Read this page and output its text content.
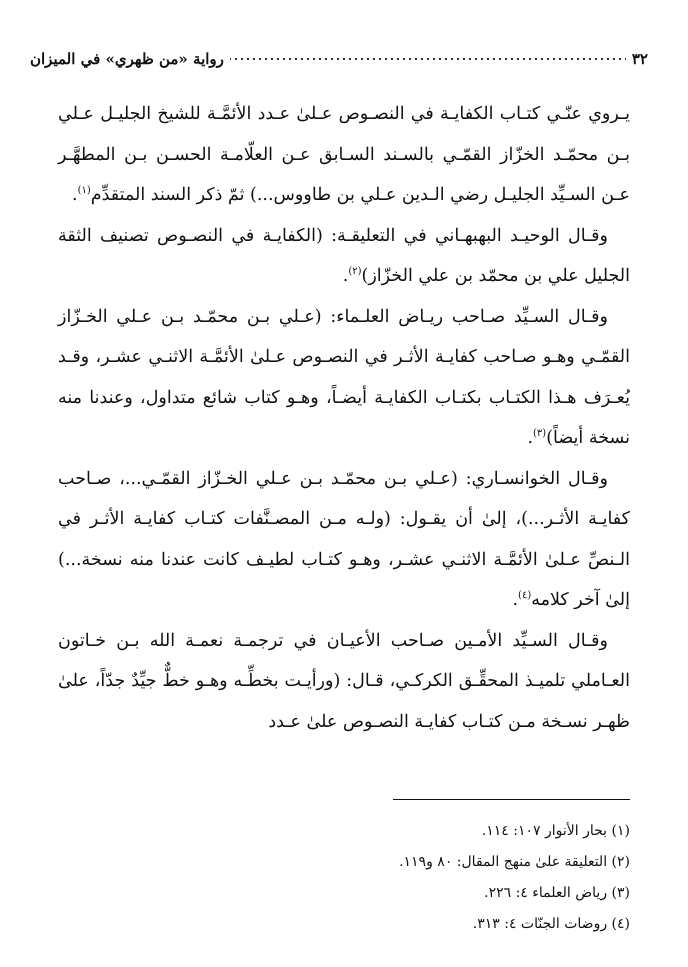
٣٢
رواية «من ظهري» في الميزان

يـروي عنّـي كتـاب الكفايـة في النصـوص عـلىٰ عـدد الأئمَّـة للشيخ الجليـل عـلي بـن محمّـد الخزّاز القمّـي بالسـند السـابق عـن العلّامـة الحسـن بـن المطهَّـر عـن السـيِّد الجليـل رضي الـدين عـلي بن طاووس...) ثمّ ذكر السند المتقدِّم$^{(١)}$.

وقـال الوحيـد البهبهـاني في التعليقـة: (الكفايـة في النصـوص تصنيف الثقة الجليل علي بن محمّد بن علي الخزّاز)$^{(٢)}$.

وقـال السـيِّد صـاحب ريـاض العلـماء: (عـلي بـن محمّـد بـن عـلي الخـزّاز القمّـي وهـو صـاحب كفايـة الأثـر في النصـوص عـلىٰ الأئمَّـة الاثنـي عشـر، وقـد يُعـرَف هـذا الكتـاب بكتـاب الكفايـة أيضـاً، وهـو كتاب شائع متداول، وعندنا منه نسخة أيضاً)$^{(٣)}$.

وقـال الخوانسـاري: (عـلي بـن محمّـد بـن عـلي الخـزّاز القمّـي...، صـاحب كفايـة الأثـر...)، إلىٰ أن يقـول: (ولـه مـن المصـنَّفات كتـاب كفايـة الأثـر في الـنصِّ عـلىٰ الأئمَّـة الاثنـي عشـر، وهـو كتـاب لطيـف كانت عندنا منه نسخة...) إلىٰ آخر كلامه$^{(٤)}$.

وقـال السـيِّد الأمـين صـاحب الأعيـان في ترجمـة نعمـة الله بـن خـاتون العـاملي تلميـذ المحقِّـق الكركـي، قـال: (ورأيـت بخطِّـه وهـو خطٌّ جيِّدٌ جدّاً، علىٰ ظهـر نسـخة مـن كتـاب كفايـة النصـوص علىٰ عـدد

(١) بحار الأنوار ١٠٧: ١١٤.
(٢) التعليقة علىٰ منهج المقال: ٨٠ و١١٩.
(٣) رياض العلماء ٤: ٢٢٦.
(٤) روضات الجنّات ٤: ٣١٣.
